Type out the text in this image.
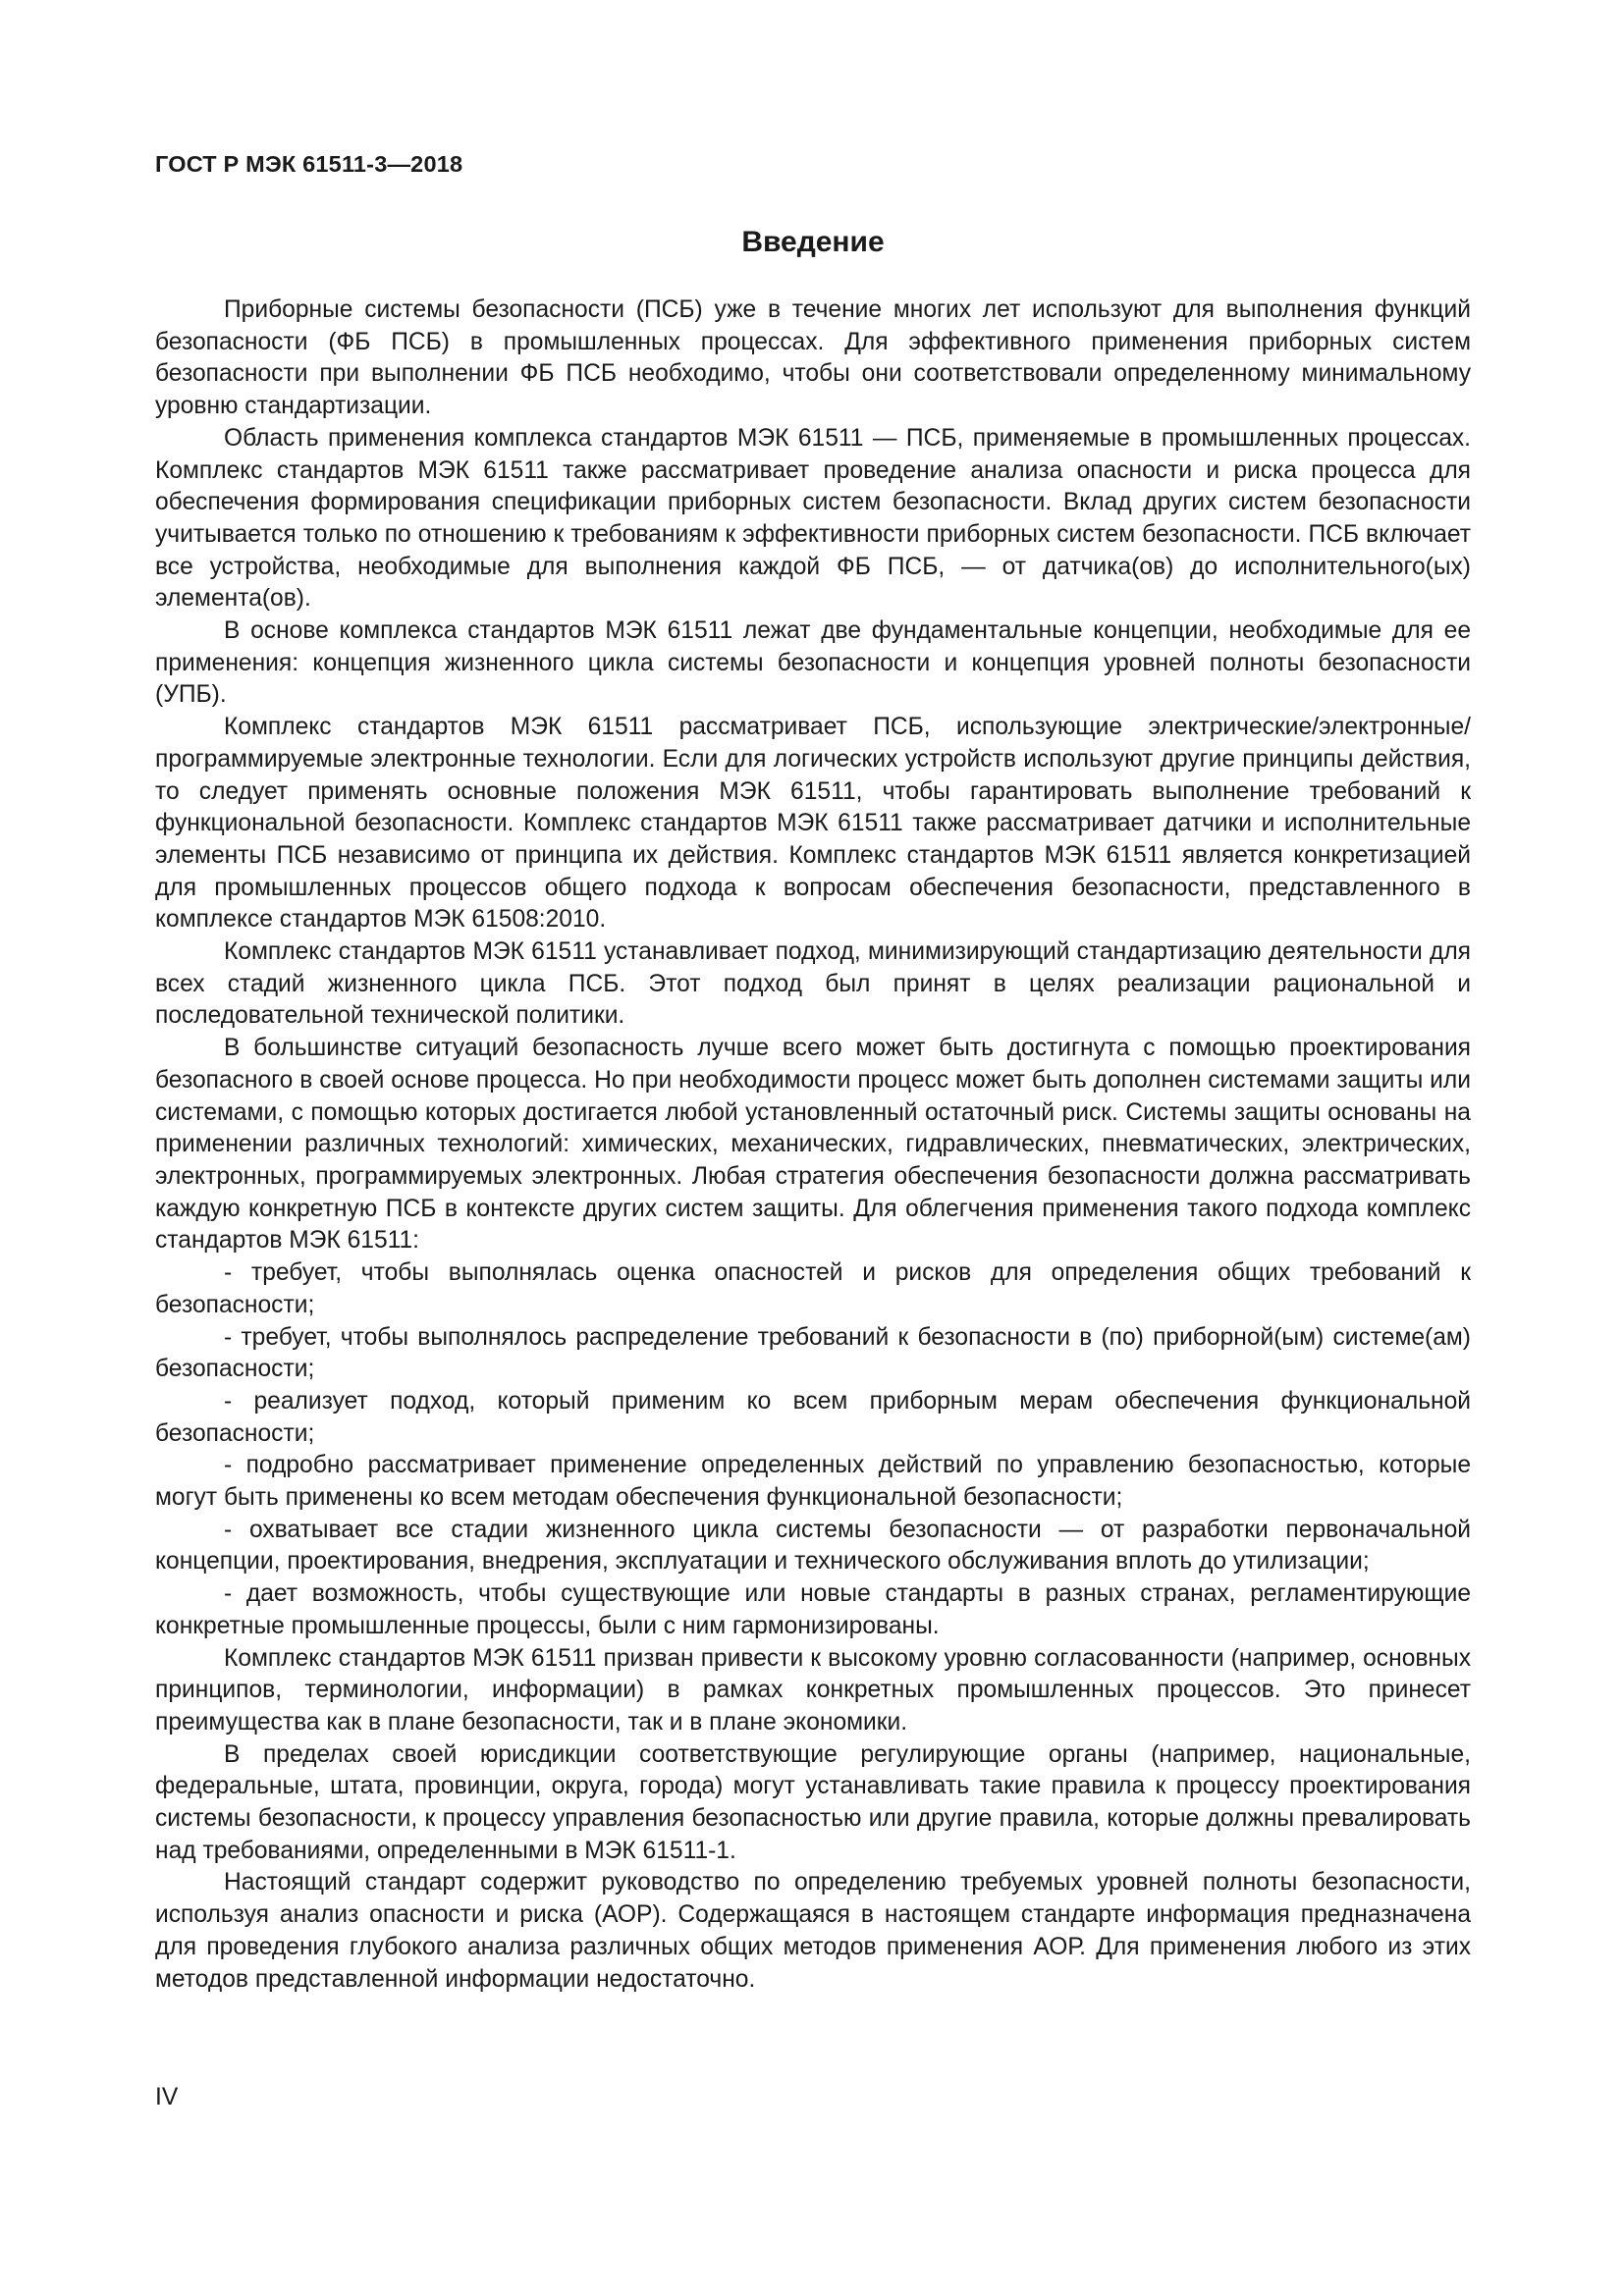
ГОСТ Р МЭК 61511-3—2018
Введение

Приборные системы безопасности (ПСБ) уже в течение многих лет используют для выполнения функций безопасности (ФБ ПСБ) в промышленных процессах. Для эффективного применения приборных систем безопасности при выполнении ФБ ПСБ необходимо, чтобы они соответствовали определенному минимальному уровню стандартизации.

Область применения комплекса стандартов МЭК 61511 — ПСБ, применяемые в промышленных процессах. Комплекс стандартов МЭК 61511 также рассматривает проведение анализа опасности и риска процесса для обеспечения формирования спецификации приборных систем безопасности. Вклад других систем безопасности учитывается только по отношению к требованиям к эффективности приборных систем безопасности. ПСБ включает все устройства, необходимые для выполнения каждой ФБ ПСБ, — от датчика(ов) до исполнительного(ых) элемента(ов).

В основе комплекса стандартов МЭК 61511 лежат две фундаментальные концепции, необходимые для ее применения: концепция жизненного цикла системы безопасности и концепция уровней полноты безопасности (УПБ).

Комплекс стандартов МЭК 61511 рассматривает ПСБ, использующие электрические/электронные/программируемые электронные технологии. Если для логических устройств используют другие принципы действия, то следует применять основные положения МЭК 61511, чтобы гарантировать выполнение требований к функциональной безопасности. Комплекс стандартов МЭК 61511 также рассматривает датчики и исполнительные элементы ПСБ независимо от принципа их действия. Комплекс стандартов МЭК 61511 является конкретизацией для промышленных процессов общего подхода к вопросам обеспечения безопасности, представленного в комплексе стандартов МЭК 61508:2010.

Комплекс стандартов МЭК 61511 устанавливает подход, минимизирующий стандартизацию деятельности для всех стадий жизненного цикла ПСБ. Этот подход был принят в целях реализации рациональной и последовательной технической политики.

В большинстве ситуаций безопасность лучше всего может быть достигнута с помощью проектирования безопасного в своей основе процесса. Но при необходимости процесс может быть дополнен системами защиты или системами, с помощью которых достигается любой установленный остаточный риск. Системы защиты основаны на применении различных технологий: химических, механических, гидравлических, пневматических, электрических, электронных, программируемых электронных. Любая стратегия обеспечения безопасности должна рассматривать каждую конкретную ПСБ в контексте других систем защиты. Для облегчения применения такого подхода комплекс стандартов МЭК 61511:

- требует, чтобы выполнялась оценка опасностей и рисков для определения общих требований к безопасности;

- требует, чтобы выполнялось распределение требований к безопасности в (по) приборной(ым) системе(ам) безопасности;

- реализует подход, который применим ко всем приборным мерам обеспечения функциональной безопасности;

- подробно рассматривает применение определенных действий по управлению безопасностью, которые могут быть применены ко всем методам обеспечения функциональной безопасности;

- охватывает все стадии жизненного цикла системы безопасности — от разработки первоначальной концепции, проектирования, внедрения, эксплуатации и технического обслуживания вплоть до утилизации;

- дает возможность, чтобы существующие или новые стандарты в разных странах, регламентирующие конкретные промышленные процессы, были с ним гармонизированы.

Комплекс стандартов МЭК 61511 призван привести к высокому уровню согласованности (например, основных принципов, терминологии, информации) в рамках конкретных промышленных процессов. Это принесет преимущества как в плане безопасности, так и в плане экономики.

В пределах своей юрисдикции соответствующие регулирующие органы (например, национальные, федеральные, штата, провинции, округа, города) могут устанавливать такие правила к процессу проектирования системы безопасности, к процессу управления безопасностью или другие правила, которые должны превалировать над требованиями, определенными в МЭК 61511-1.

Настоящий стандарт содержит руководство по определению требуемых уровней полноты безопасности, используя анализ опасности и риска (АОР). Содержащаяся в настоящем стандарте информация предназначена для проведения глубокого анализа различных общих методов применения АОР. Для применения любого из этих методов представленной информации недостаточно.

IV
